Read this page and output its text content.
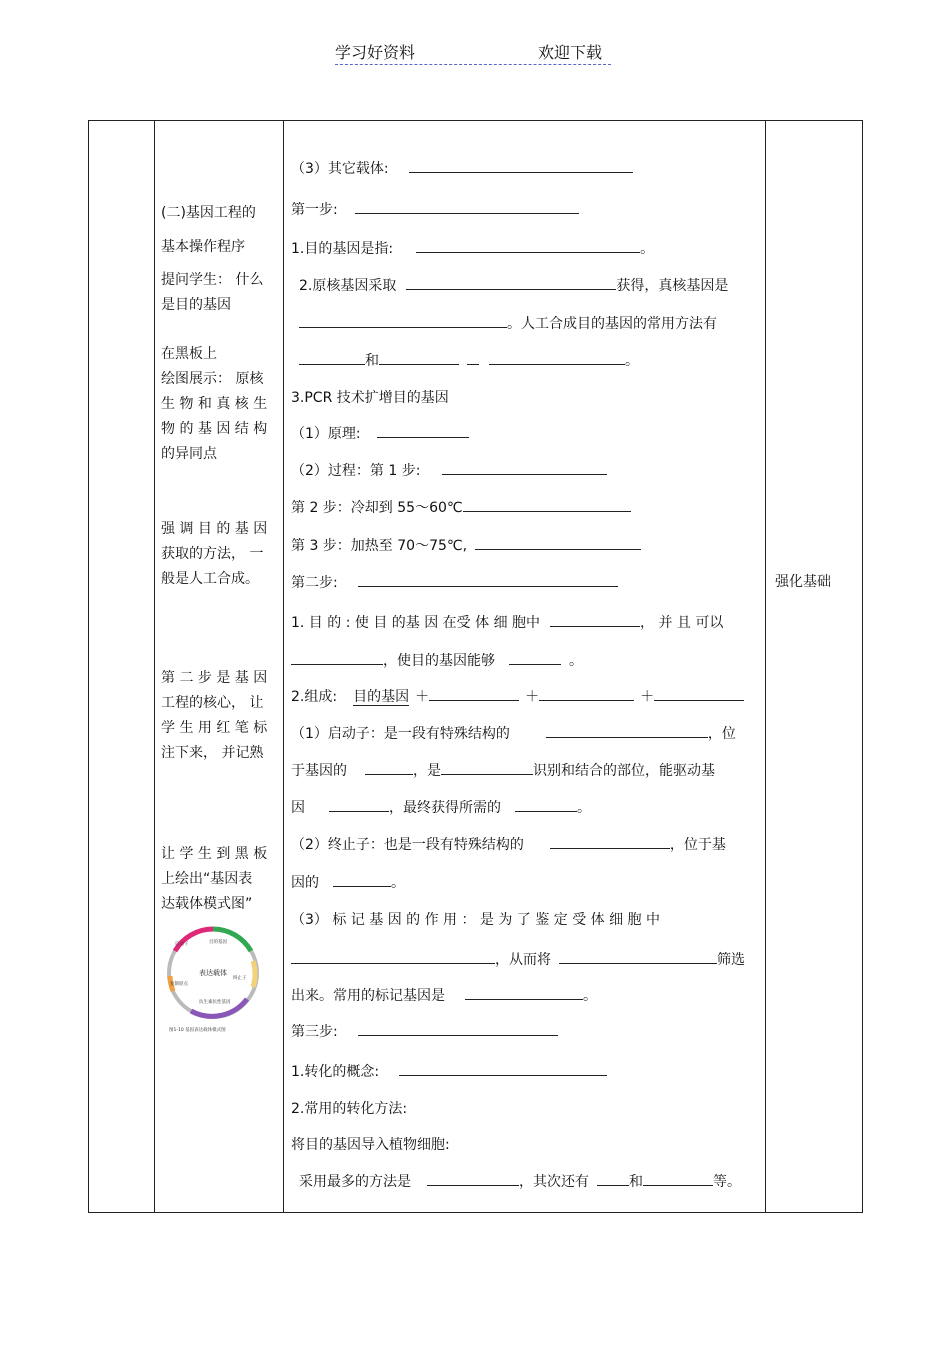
学习好资料	欢迎下载
(二)基因工程的
基本操作程序
提问学生： 什么
是目的基因
在黑板上
绘图展示： 原核
生 物 和 真 核 生
物 的 基 因 结 构
的异同点
强 调 目 的 基 因
获取的方法， 一
般是人工合成。
第 二 步 是 基 因
工程的核心， 让
学 生 用 红 笔 标
注下来， 并记熟
让 学 生 到 黑 板
上绘出“基因表
达载体模式图”
表达载体
启动子	目的基因
终止子
抗生素抗性基因
复制原点
图1-10 基因表达载体模式图
（3）其它载体:
第一步:
1.目的基因是指:	。
2.原核基因采取	获得，真核基因是
。人工合成目的基因的常用方法有
和	。
3.PCR 技术扩增目的基因
（1）原理:
（2）过程：第 1 步:
第 2 步：冷却到 55～60℃
第 3 步：加热至 70～75℃,
第二步:
1. 目 的 : 使 目 的基 因 在受 体 细 胞中	， 并 且 可以
，使目的基因能够	。
2.组成: 目的基因 ＋	＋	＋
（1）启动子：是一段有特殊结构的	，位
于基因的	，是	识别和结合的部位，能驱动基
因	，最终获得所需的	。
（2）终止子：也是一段有特殊结构的	，位于基
因的	。
（3） 标 记 基 因 的 作 用 ： 是 为 了 鉴 定 受 体 细 胞 中
，从而将	筛选
出来。常用的标记基因是	。
第三步:
1.转化的概念:
2.常用的转化方法:
将目的基因导入植物细胞:
采用最多的方法是	，其次还有	和	等。
强化基础
